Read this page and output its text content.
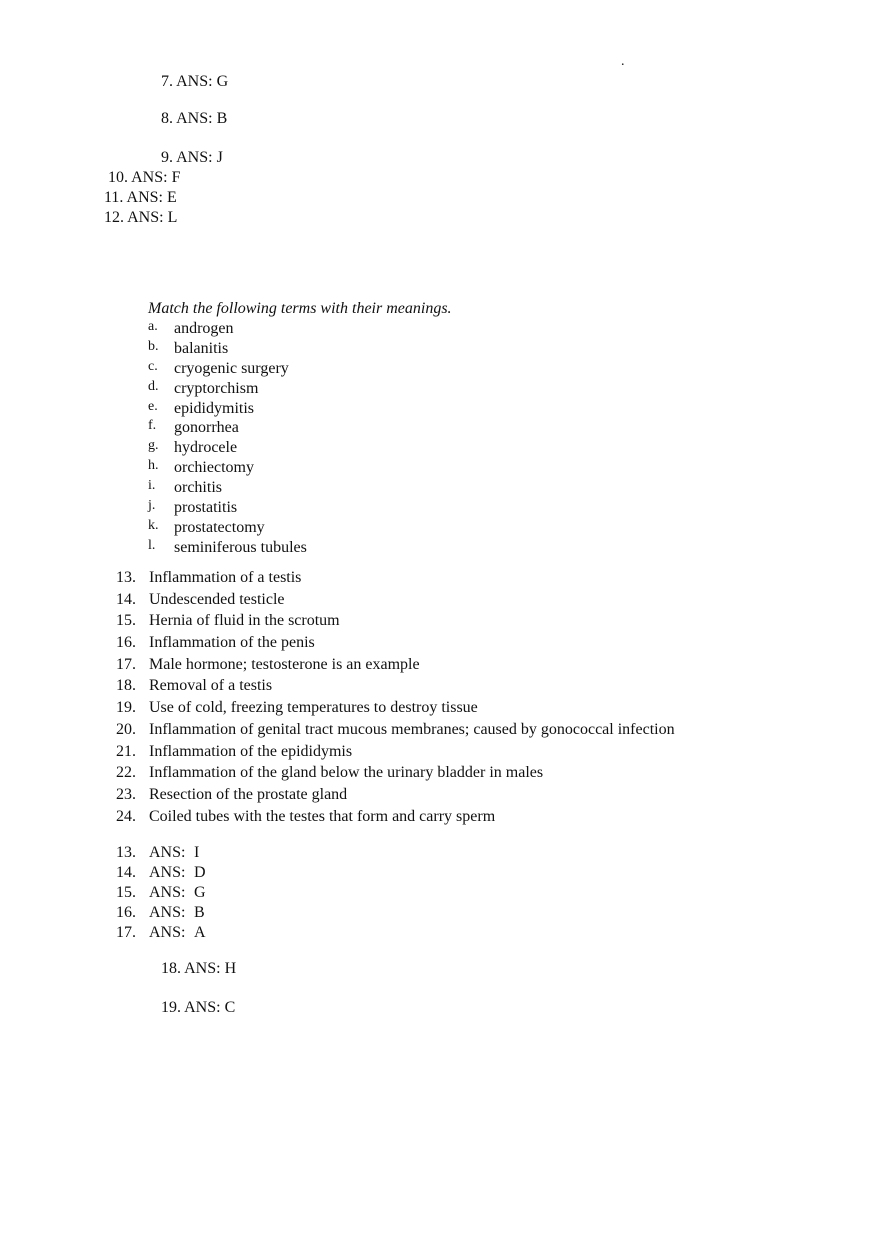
.
7. ANS: G
8. ANS: B
9. ANS: J
10. ANS: F
11. ANS: E
12. ANS: L
Match the following terms with their meanings.
a. androgen
b. balanitis
c. cryogenic surgery
d. cryptorchism
e. epididymitis
f. gonorrhea
g. hydrocele
h. orchiectomy
i. orchitis
j. prostatitis
k. prostatectomy
l. seminiferous tubules
13. Inflammation of a testis
14. Undescended testicle
15. Hernia of fluid in the scrotum
16. Inflammation of the penis
17. Male hormone; testosterone is an example
18. Removal of a testis
19. Use of cold, freezing temperatures to destroy tissue
20. Inflammation of genital tract mucous membranes; caused by gonococcal infection
21. Inflammation of the epididymis
22. Inflammation of the gland below the urinary bladder in males
23. Resection of the prostate gland
24. Coiled tubes with the testes that form and carry sperm
13. ANS: I
14. ANS: D
15. ANS: G
16. ANS: B
17. ANS: A
18. ANS: H
19. ANS: C
